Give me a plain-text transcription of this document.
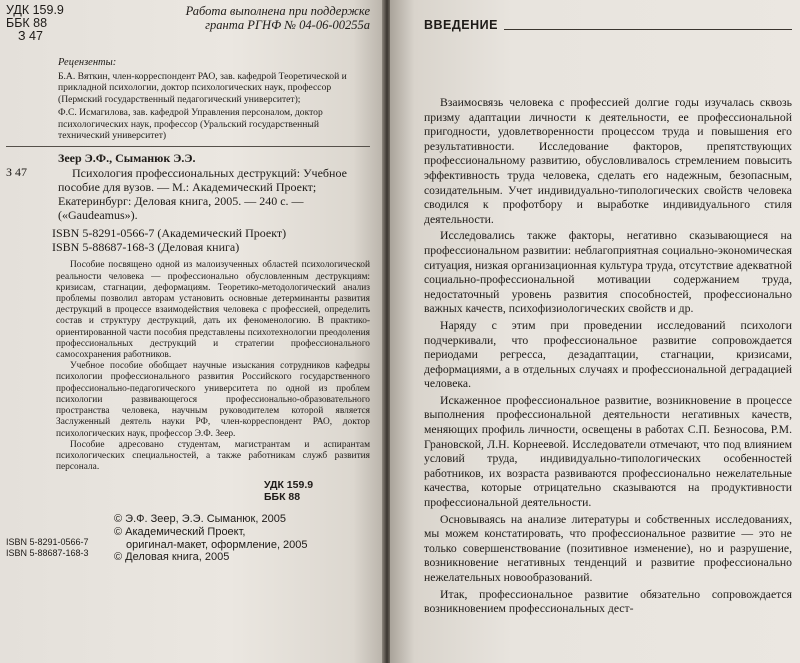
УДК 159.9
ББК 88
З 47
Работа выполнена при поддержке
гранта РГНФ № 04-06-00255а
Рецензенты:
Б.А. Вяткин, член-корреспондент РАО, зав. кафедрой Теоретической и прикладной психологии, доктор психологических наук, профессор (Пермский государственный педагогический университет);
Ф.С. Исмагилова, зав. кафедрой Управления персоналом, доктор психологических наук, профессор (Уральский государственный технический университет)
З 47
Зеер Э.Ф., Сыманюк Э.Э.
Психология профессиональных деструкций: Учебное пособие для вузов. — М.: Академический Проект; Екатеринбург: Деловая книга, 2005. — 240 с. — («Gaudeamus»).
ISBN 5-8291-0566-7 (Академический Проект)
ISBN 5-88687-168-3 (Деловая книга)

Пособие посвящено одной из малоизученных областей психологической реальности человека — профессионально обусловленным деструкциям: кризисам, стагнации, деформациям. Теоретико-методологический анализ проблемы позволил авторам установить основные детерминанты развития деструкций в процессе взаимодействия человека с профессией, определить состав и структуру деструкций, дать их феноменологию. В практико-ориентированной части пособия представлены психотехнологии преодоления профессиональных деструкций и стратегии профессионального самосохранения работников.

Учебное пособие обобщает научные изыскания сотрудников кафедры психологии профессионального развития Российского государственного профессионально-педагогического университета по одной из проблем психологии развивающегося профессионально-образовательного пространства человека, научным руководителем которой является Заслуженный деятель науки РФ, член-корреспондент РАО, доктор психологических наук, профессор Э.Ф. Зеер.

Пособие адресовано студентам, магистрантам и аспирантам психологических специальностей, а также работникам служб развития персонала.

УДК 159.9
ББК 88
ISBN 5-8291-0566-7
ISBN 5-88687-168-3
© Э.Ф. Зеер, Э.Э. Сыманюк, 2005
© Академический Проект,
оригинал-макет, оформление, 2005
© Деловая книга, 2005
ВВЕДЕНИЕ

Взаимосвязь человека с профессией долгие годы изучалась сквозь призму адаптации личности к деятельности, ее профессиональной пригодности, удовлетворенности процессом труда и повышения его результативности. Исследование факторов, препятствующих профессиональному развитию, обусловливалось стремлением повысить эффективность труда человека, сделать его надежным, безопасным, созидательным. Учет индивидуально-типологических свойств человека сводился к профотбору и выработке индивидуального стиля деятельности.

Исследовались также факторы, негативно сказывающиеся на профессиональном развитии: неблагоприятная социально-экономическая ситуация, низкая организационная культура труда, отсутствие адекватной социально-профессиональной мотивации содержанием труда, недостаточный уровень развития способностей, профессионально важных качеств, психофизиологических свойств и др.

Наряду с этим при проведении исследований психологи подчеркивали, что профессиональное развитие сопровождается периодами регресса, дезадаптации, стагнации, кризисами, деформациями, а в отдельных случаях и профессиональной деградацией человека.

Искаженное профессиональное развитие, возникновение в процессе выполнения профессиональной деятельности негативных качеств, меняющих профиль личности, освещены в работах С.П. Безносова, Р.М. Грановской, Л.Н. Корнеевой. Исследователи отмечают, что под влиянием условий труда, индивидуально-типологических особенностей работников, их возраста развиваются профессионально нежелательные качества, которые отрицательно сказываются на продуктивности профессиональной деятельности.

Основываясь на анализе литературы и собственных исследованиях, мы можем констатировать, что профессиональное развитие — это не только совершенствование (позитивное изменение), но и разрушение, возникновение негативных тенденций и развитие профессионально нежелательных новообразований.

Итак, профессиональное развитие обязательно сопровождается возникновением профессиональных дест-
